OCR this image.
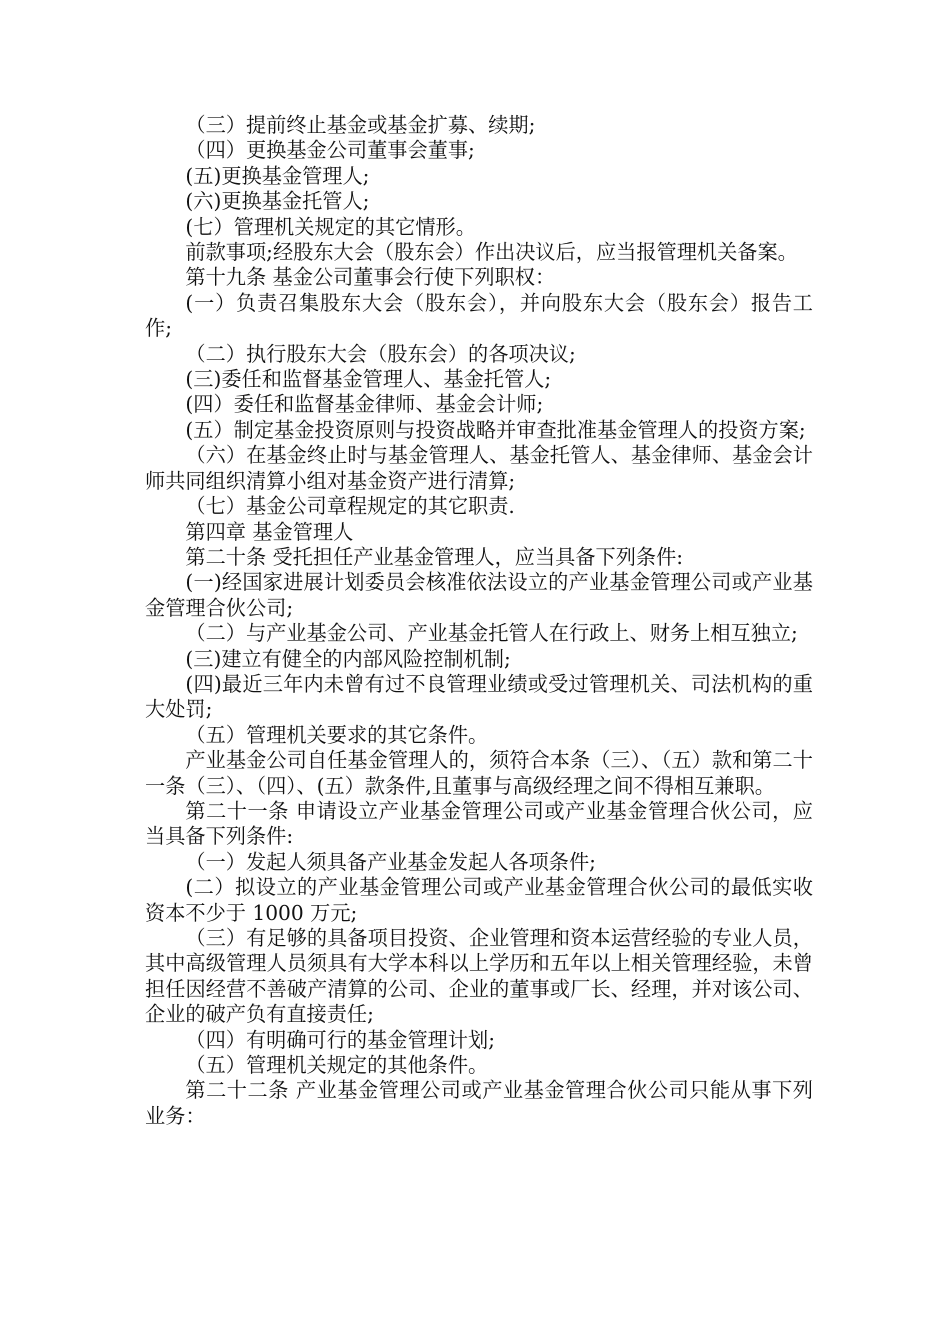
（三）提前终止基金或基金扩募、续期;

（四）更换基金公司董事会董事;

(五)更换基金管理人;

(六)更换基金托管人;

(七）管理机关规定的其它情形。

前款事项;经股东大会（股东会）作出决议后，应当报管理机关备案。

第十九条 基金公司董事会行使下列职权：

(一）负责召集股东大会（股东会），并向股东大会（股东会）报告工作;

（二）执行股东大会（股东会）的各项决议;

(三)委任和监督基金管理人、基金托管人;

(四）委任和监督基金律师、基金会计师;

(五）制定基金投资原则与投资战略并审查批准基金管理人的投资方案;

（六）在基金终止时与基金管理人、基金托管人、基金律师、基金会计师共同组织清算小组对基金资产进行清算;

（七）基金公司章程规定的其它职责.

第四章 基金管理人

第二十条 受托担任产业基金管理人，应当具备下列条件:

(一)经国家进展计划委员会核准依法设立的产业基金管理公司或产业基金管理合伙公司;

（二）与产业基金公司、产业基金托管人在行政上、财务上相互独立;

(三)建立有健全的内部风险控制机制;

(四)最近三年内未曾有过不良管理业绩或受过管理机关、司法机构的重大处罚;

（五）管理机关要求的其它条件。

产业基金公司自任基金管理人的，须符合本条（三）、（五）款和第二十一条（三）、（四）、(五）款条件,且董事与高级经理之间不得相互兼职。

第二十一条 申请设立产业基金管理公司或产业基金管理合伙公司，应当具备下列条件:

（一）发起人须具备产业基金发起人各项条件;

(二）拟设立的产业基金管理公司或产业基金管理合伙公司的最低实收资本不少于 1000 万元;

（三）有足够的具备项目投资、企业管理和资本运营经验的专业人员，其中高级管理人员须具有大学本科以上学历和五年以上相关管理经验，未曾担任因经营不善破产清算的公司、企业的董事或厂长、经理，并对该公司、企业的破产负有直接责任;

（四）有明确可行的基金管理计划;

（五）管理机关规定的其他条件。

第二十二条 产业基金管理公司或产业基金管理合伙公司只能从事下列业务：
